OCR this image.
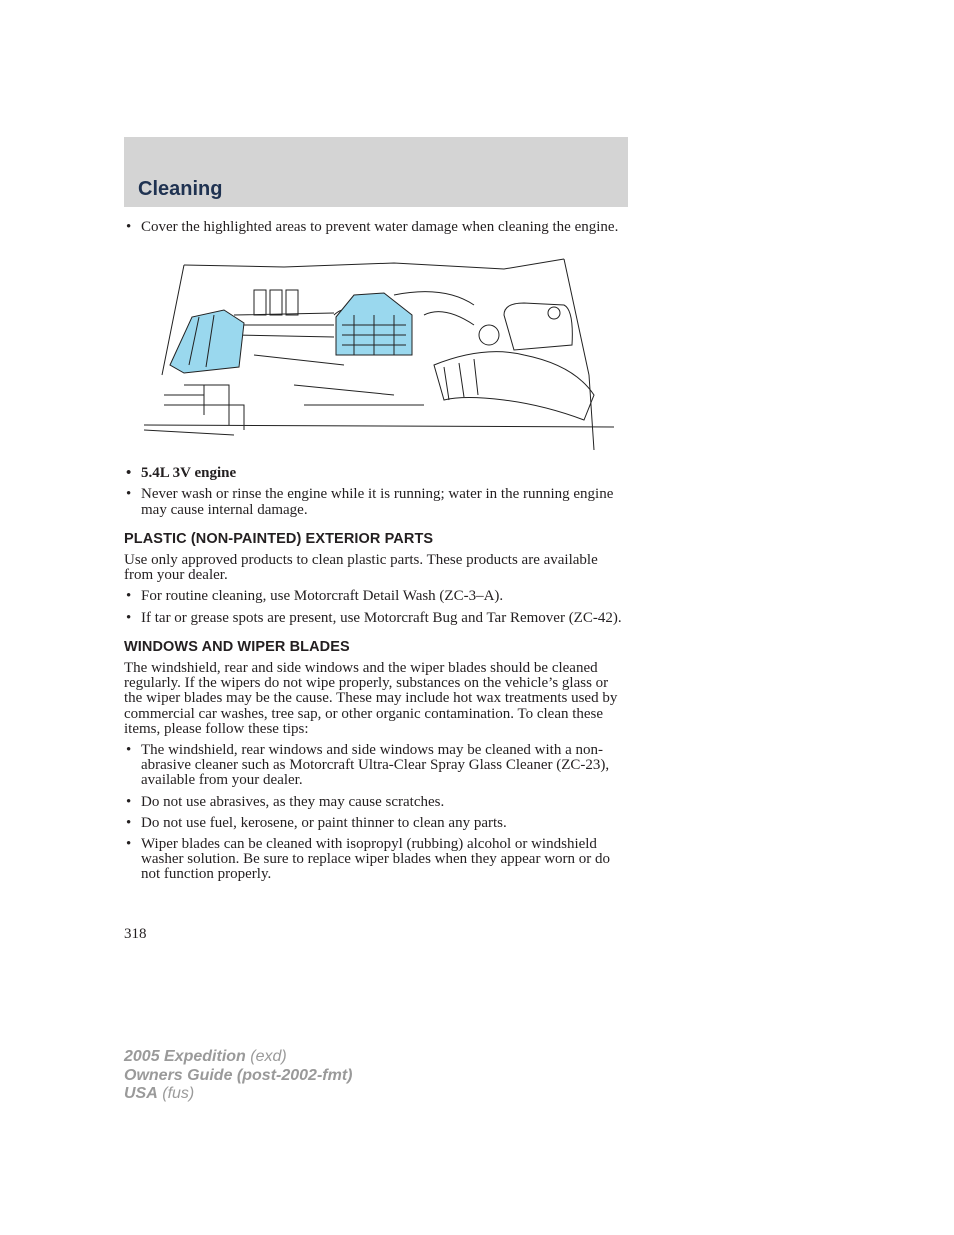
Cleaning
• Cover the highlighted areas to prevent water damage when cleaning the engine.
• 5.4L 3V engine
• Never wash or rinse the engine while it is running; water in the running engine may cause internal damage.
PLASTIC (NON-PAINTED) EXTERIOR PARTS
Use only approved products to clean plastic parts. These products are available from your dealer.
• For routine cleaning, use Motorcraft Detail Wash (ZC-3–A).
• If tar or grease spots are present, use Motorcraft Bug and Tar Remover (ZC-42).
WINDOWS AND WIPER BLADES
The windshield, rear and side windows and the wiper blades should be cleaned regularly. If the wipers do not wipe properly, substances on the vehicle’s glass or the wiper blades may be the cause. These may include hot wax treatments used by commercial car washes, tree sap, or other organic contamination. To clean these items, please follow these tips:
• The windshield, rear windows and side windows may be cleaned with a non-abrasive cleaner such as Motorcraft Ultra-Clear Spray Glass Cleaner (ZC-23), available from your dealer.
• Do not use abrasives, as they may cause scratches.
• Do not use fuel, kerosene, or paint thinner to clean any parts.
• Wiper blades can be cleaned with isopropyl (rubbing) alcohol or windshield washer solution. Be sure to replace wiper blades when they appear worn or do not function properly.
318
2005 Expedition (exd)
Owners Guide (post-2002-fmt)
USA (fus)
